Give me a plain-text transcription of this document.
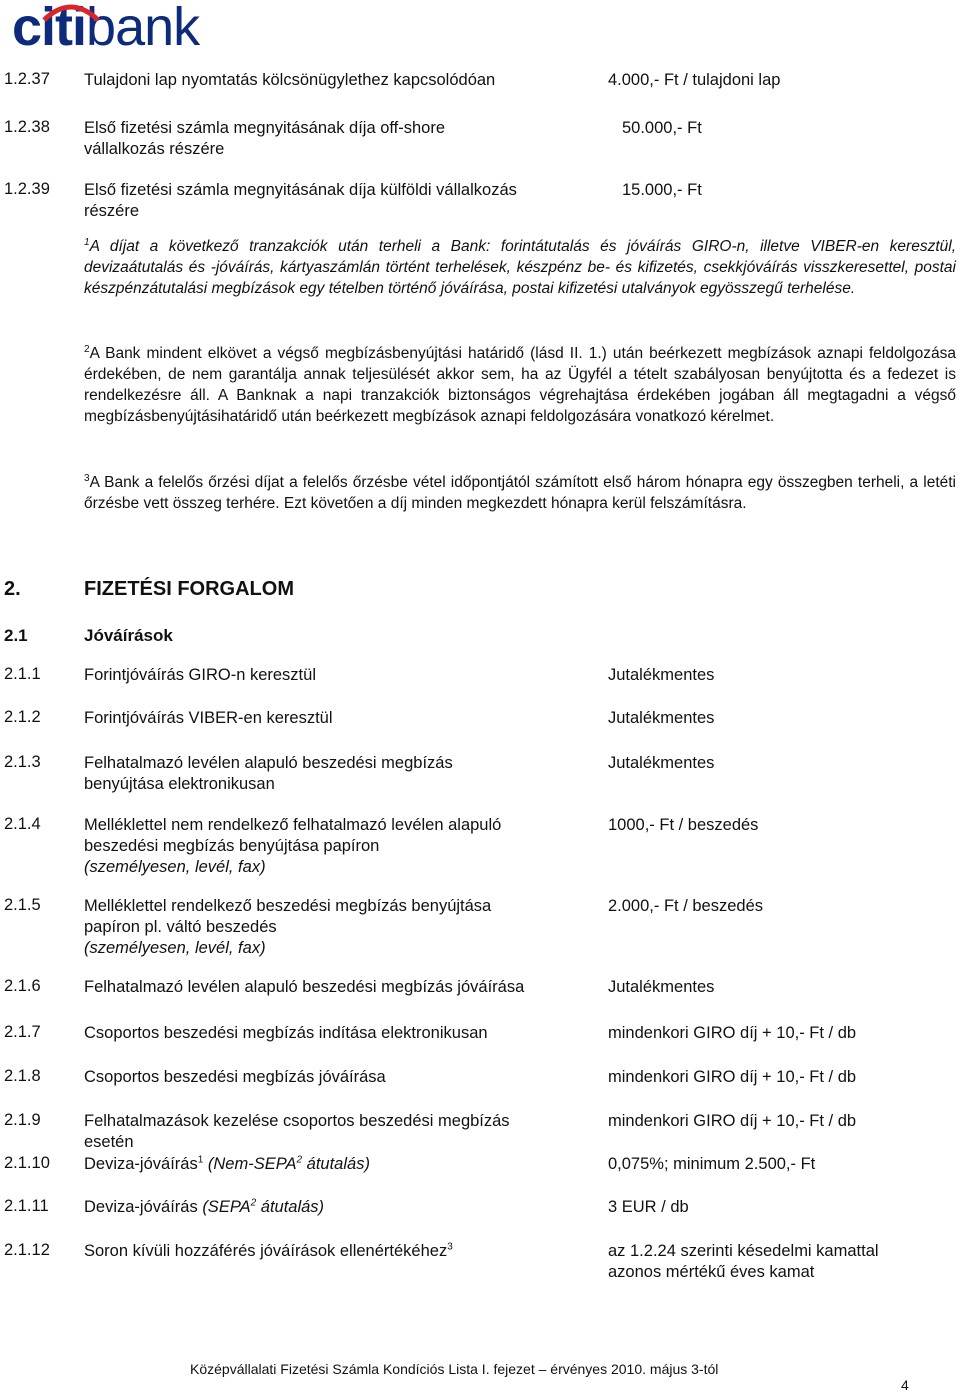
citibank
1.2.37 Tulajdoni lap nyomtatás kölcsönügylethez kapcsolódóan	4.000,- Ft / tulajdoni lap
1.2.38 Első fizetési számla megnyitásának díja off-shore
vállalkozás részére
50.000,- Ft
1.2.39 Első fizetési számla megnyitásának díja külföldi vállalkozás
részére
15.000,- Ft
$^1$A díjat a következő tranzakciók után terheli a Bank: forintátutalás és jóváírás GIRO-n, illetve VIBER-en keresztül, devizaátutalás és -jóváírás, kártyaszámlán történt terhelések, készpénz be- és kifizetés, csekkjóváírás visszkeresettel, postai készpénzátutalási megbízások egy tételben történő jóváírása, postai kifizetési utalványok egyösszegű terhelése.
$^2$A Bank mindent elkövet a végső megbízásbenyújtási határidő (lásd II. 1.) után beérkezett megbízások aznapi feldolgozása érdekében, de nem garantálja annak teljesülését akkor sem, ha az Ügyfél a tételt szabályosan benyújtotta és a fedezet is rendelkezésre áll. A Banknak a napi tranzakciók biztonságos végrehajtása érdekében jogában áll megtagadni a végső megbízásbenyújtásihatáridő után beérkezett megbízások aznapi feldolgozására vonatkozó kérelmet.
$^3$A Bank a felelős őrzési díjat a felelős őrzésbe vétel időpontjától számított első három hónapra egy összegben terheli, a letéti őrzésbe vett összeg terhére. Ezt követően a díj minden megkezdett hónapra kerül felszámításra.
2.	FIZETÉSI FORGALOM
2.1	Jóváírások
2.1.1	Forintjóváírás GIRO-n keresztül	Jutalékmentes
2.1.2	Forintjóváírás VIBER-en keresztül	Jutalékmentes
2.1.3	Felhatalmazó levélen alapuló beszedési megbízás
benyújtása elektronikusan
Jutalékmentes
2.1.4	Melléklettel nem rendelkező felhatalmazó levélen alapuló
beszedési megbízás benyújtása papíron
(személyesen, levél, fax)
1000,- Ft / beszedés
2.1.5	Melléklettel rendelkező beszedési megbízás benyújtása
papíron pl. váltó beszedés
(személyesen, levél, fax)
2.000,- Ft / beszedés
2.1.6	Felhatalmazó levélen alapuló beszedési megbízás jóváírása	Jutalékmentes
2.1.7	Csoportos beszedési megbízás indítása elektronikusan	mindenkori GIRO díj + 10,- Ft / db
2.1.8	Csoportos beszedési megbízás jóváírása	mindenkori GIRO díj + 10,- Ft / db
2.1.9	Felhatalmazások kezelése csoportos beszedési megbízás
esetén
mindenkori GIRO díj + 10,- Ft / db
2.1.10 Deviza-jóváírás$^1$ (Nem-SEPA$^2$ átutalás)	0,075%; minimum 2.500,- Ft
2.1.11 Deviza-jóváírás (SEPA$^2$ átutalás)	3 EUR / db
2.1.12 Soron kívüli hozzáférés jóváírások ellenértékéhez$^3$	az 1.2.24 szerinti késedelmi kamattal
azonos mértékű éves kamat
Középvállalati Fizetési Számla Kondíciós Lista I. fejezet – érvényes 2010. május 3-tól
4
